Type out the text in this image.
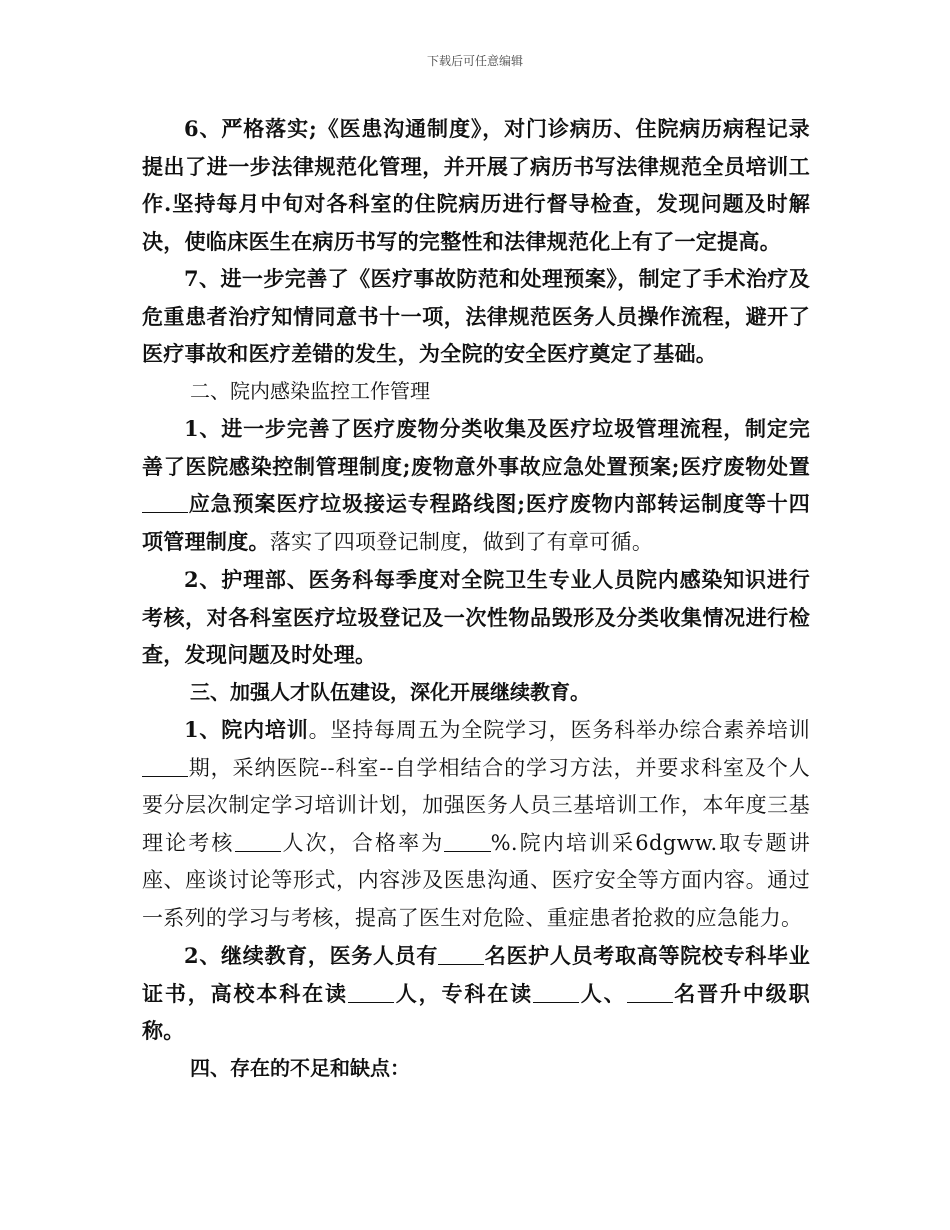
下载后可任意编辑

6、严格落实;《医患沟通制度》，对门诊病历、住院病历病程记录提出了进一步法律规范化管理，并开展了病历书写法律规范全员培训工作.坚持每月中旬对各科室的住院病历进行督导检查，发现问题及时解决，使临床医生在病历书写的完整性和法律规范化上有了一定提高。

7、进一步完善了《医疗事故防范和处理预案》，制定了手术治疗及危重患者治疗知情同意书十一项，法律规范医务人员操作流程，避开了医疗事故和医疗差错的发生，为全院的安全医疗奠定了基础。

二、院内感染监控工作管理

1、进一步完善了医疗废物分类收集及医疗垃圾管理流程，制定完善了医院感染控制管理制度;废物意外事故应急处置预案;医疗废物处置应急预案医疗垃圾接运专程路线图;医疗废物内部转运制度等十四项管理制度。落实了四项登记制度，做到了有章可循。

2、护理部、医务科每季度对全院卫生专业人员院内感染知识进行考核，对各科室医疗垃圾登记及一次性物品毁形及分类收集情况进行检查，发现问题及时处理。

三、加强人才队伍建设，深化开展继续教育。

1、院内培训。坚持每周五为全院学习，医务科举办综合素养培训期，采纳医院--科室--自学相结合的学习方法，并要求科室及个人要分层次制定学习培训计划，加强医务人员三基培训工作，本年度三基理论考核 人次，合格率为 %.院内培训采6dgww.取专题讲座、座谈讨论等形式，内容涉及医患沟通、医疗安全等方面内容。通过一系列的学习与考核，提高了医生对危险、重症患者抢救的应急能力。

2、继续教育，医务人员有 名医护人员考取高等院校专科毕业证书，高校本科在读 人，专科在读 人、 名晋升中级职称。

四、存在的不足和缺点：
